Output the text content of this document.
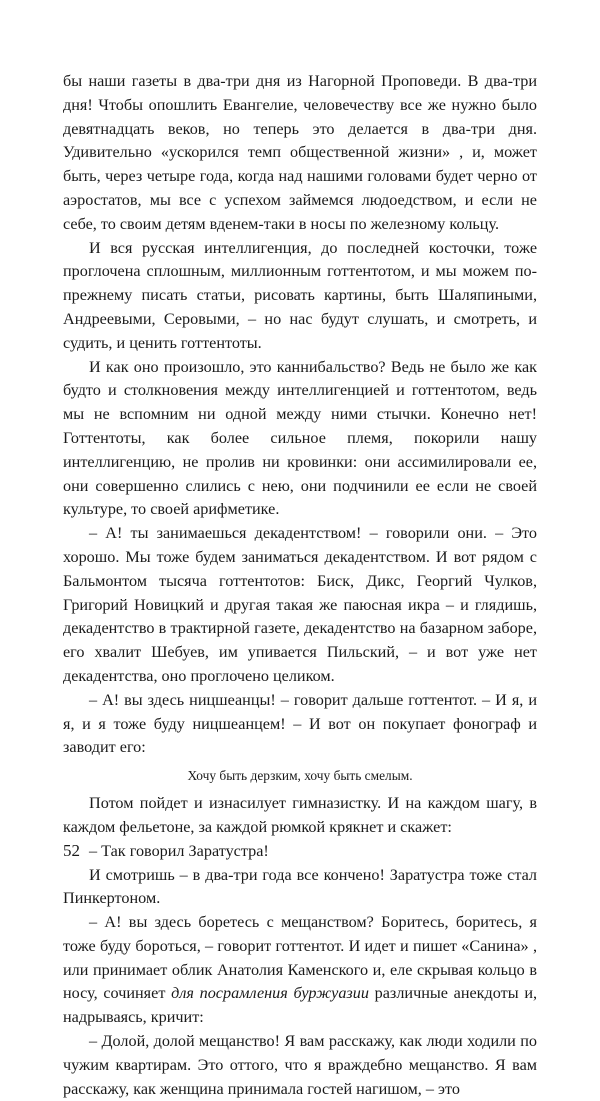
бы наши газеты в два-три дня из Нагорной Проповеди. В два-три дня! Чтобы опошлить Евангелие, человечеству все же нужно было девятнадцать веков, но теперь это делается в два-три дня. Удивительно «ускорился темп общественной жизни» , и, может быть, через четыре года, когда над нашими головами будет черно от аэростатов, мы все с успехом займемся людоедством, и если не себе, то своим детям вденем-таки в носы по железному кольцу.

И вся русская интеллигенция, до последней косточки, тоже проглочена сплошным, миллионным готтентотом, и мы можем по-прежнему писать статьи, рисовать картины, быть Шаляпиными, Андреевыми, Серовыми, – но нас будут слушать, и смотреть, и судить, и ценить готтентоты.

И как оно произошло, это каннибальство? Ведь не было же как будто и столкновения между интеллигенцией и готтентотом, ведь мы не вспомним ни одной между ними стычки. Конечно нет! Готтентоты, как более сильное племя, покорили нашу интеллигенцию, не пролив ни кровинки: они ассимилировали ее, они совершенно слились с нею, они подчинили ее если не своей культуре, то своей арифметике.

– А! ты занимаешься декадентством! – говорили они. – Это хорошо. Мы тоже будем заниматься декадентством. И вот рядом с Бальмонтом тысяча готтентотов: Биск, Дикс, Георгий Чулков, Григорий Новицкий и другая такая же паюсная икра – и глядишь, декадентство в трактирной газете, декадентство на базарном заборе, его хвалит Шебуев, им упивается Пильский, – и вот уже нет декадентства, оно проглочено целиком.

– А! вы здесь ницшеанцы! – говорит дальше готтентот. – И я, и я, и я тоже буду ницшеанцем! – И вот он покупает фонограф и заводит его:

Хочу быть дерзким, хочу быть смелым.

Потом пойдет и изнасилует гимназистку. И на каждом шагу, в каждом фельетоне, за каждой рюмкой крякнет и скажет:

– Так говорил Заратустра!

И смотришь – в два-три года все кончено! Заратустра тоже стал Пинкертоном.

– А! вы здесь боретесь с мещанством? Боритесь, боритесь, я тоже буду бороться, – говорит готтентот. И идет и пишет «Санина» , или принимает облик Анатолия Каменского и, еле скрывая кольцо в носу, сочиняет для посрамления буржуазии различные анекдоты и, надрываясь, кричит:

– Долой, долой мещанство! Я вам расскажу, как люди ходили по чужим квартирам. Это оттого, что я враждебно мещанство. Я вам расскажу, как женщина принимала гостей нагишом, – это

52
